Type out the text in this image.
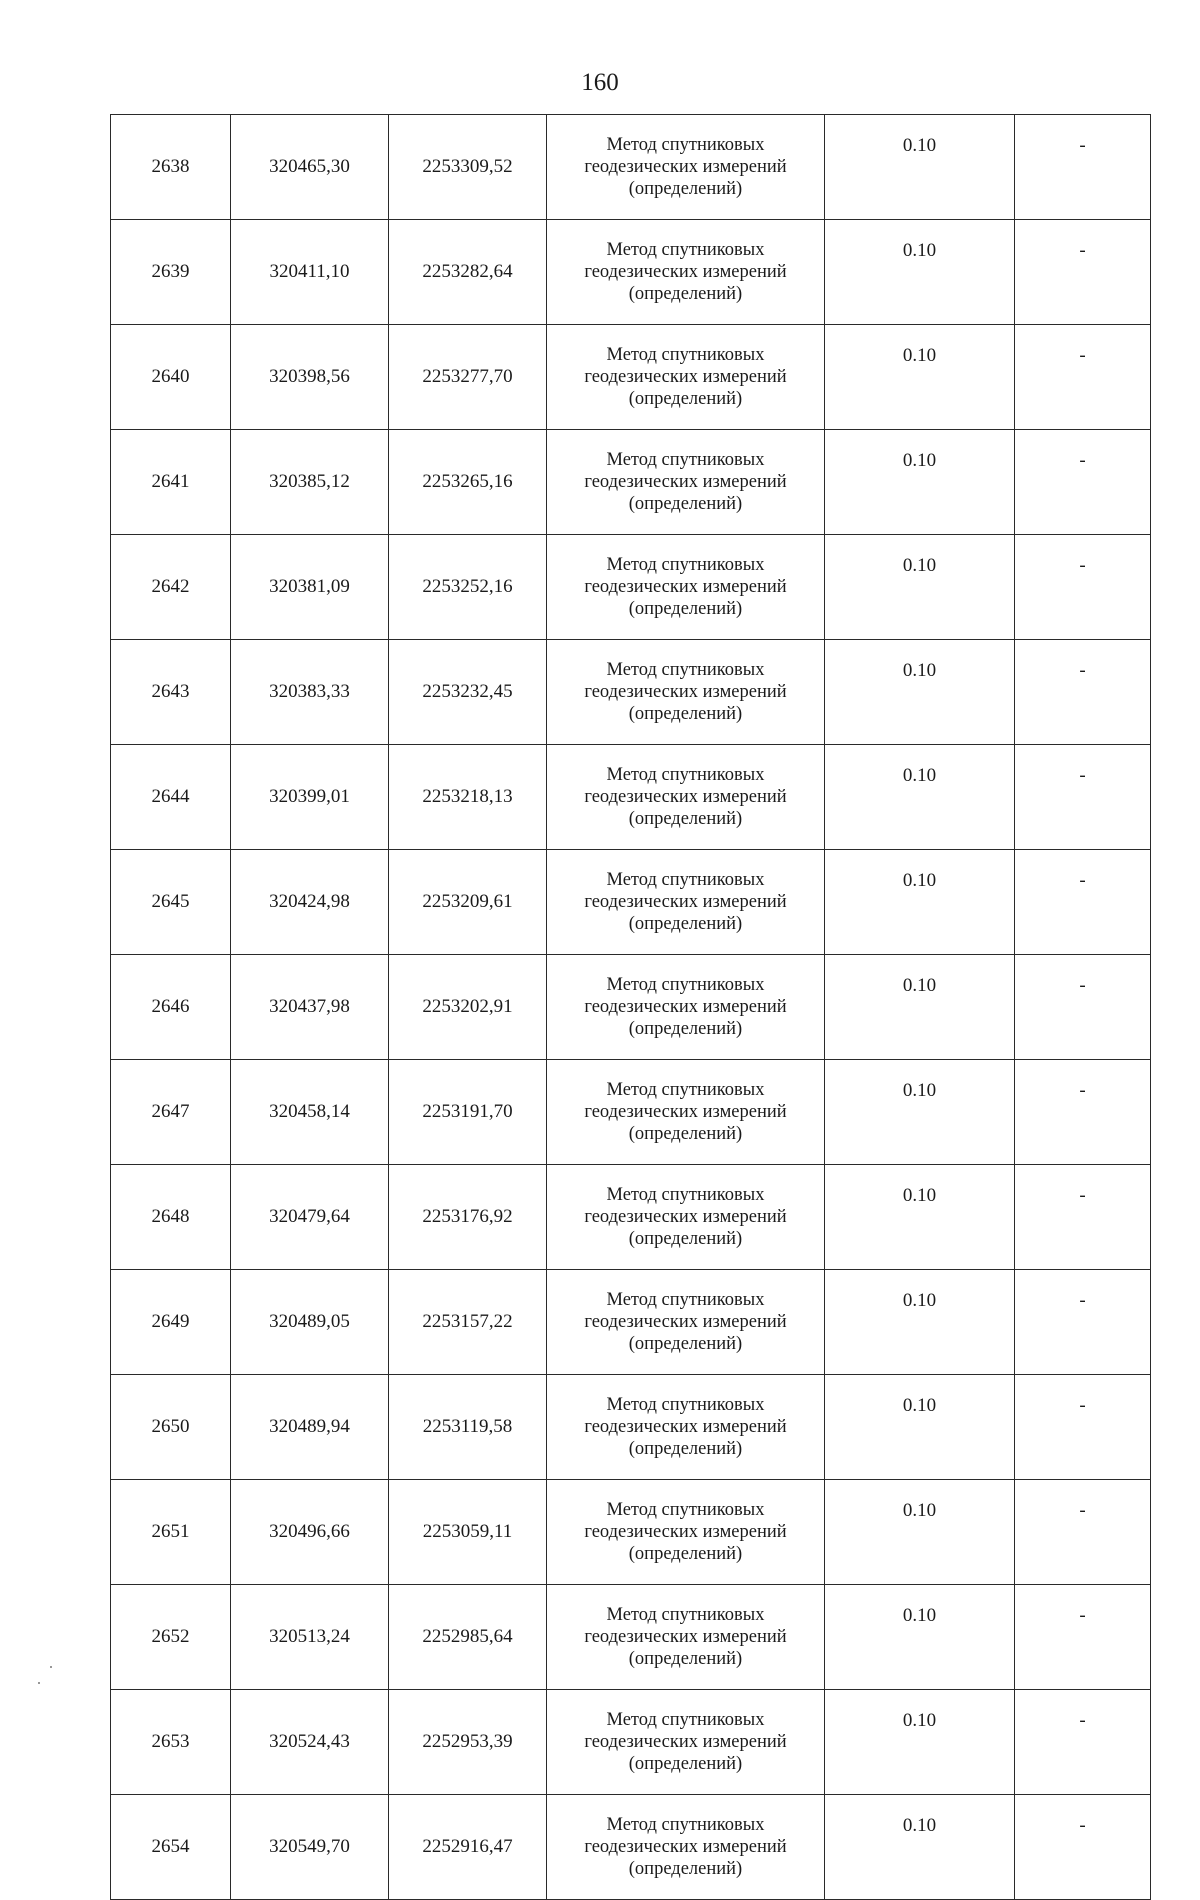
160
2638	320465,30	2253309,52	Метод спутниковых геодезических измерений (определений)	0.10	-
2639	320411,10	2253282,64	Метод спутниковых геодезических измерений (определений)	0.10	-
2640	320398,56	2253277,70	Метод спутниковых геодезических измерений (определений)	0.10	-
2641	320385,12	2253265,16	Метод спутниковых геодезических измерений (определений)	0.10	-
2642	320381,09	2253252,16	Метод спутниковых геодезических измерений (определений)	0.10	-
2643	320383,33	2253232,45	Метод спутниковых геодезических измерений (определений)	0.10	-
2644	320399,01	2253218,13	Метод спутниковых геодезических измерений (определений)	0.10	-
2645	320424,98	2253209,61	Метод спутниковых геодезических измерений (определений)	0.10	-
2646	320437,98	2253202,91	Метод спутниковых геодезических измерений (определений)	0.10	-
2647	320458,14	2253191,70	Метод спутниковых геодезических измерений (определений)	0.10	-
2648	320479,64	2253176,92	Метод спутниковых геодезических измерений (определений)	0.10	-
2649	320489,05	2253157,22	Метод спутниковых геодезических измерений (определений)	0.10	-
2650	320489,94	2253119,58	Метод спутниковых геодезических измерений (определений)	0.10	-
2651	320496,66	2253059,11	Метод спутниковых геодезических измерений (определений)	0.10	-
2652	320513,24	2252985,64	Метод спутниковых геодезических измерений (определений)	0.10	-
2653	320524,43	2252953,39	Метод спутниковых геодезических измерений (определений)	0.10	-
2654	320549,70	2252916,47	Метод спутниковых геодезических измерений (определений)	0.10	-
